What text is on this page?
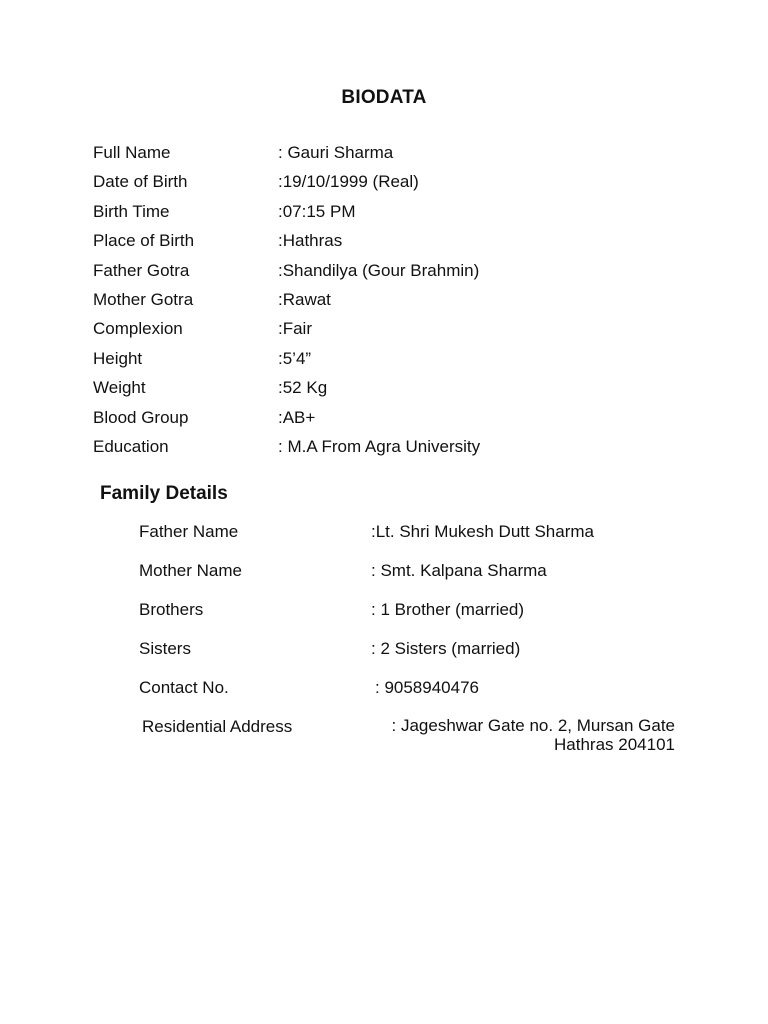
BIODATA
Full Name	: Gauri Sharma
Date of Birth	:19/10/1999 (Real)
Birth Time	:07:15 PM
Place of Birth	:Hathras
Father Gotra	:Shandilya (Gour Brahmin)
Mother Gotra	:Rawat
Complexion	:Fair
Height	:5’4”
Weight	:52 Kg
Blood Group	:AB+
Education	: M.A From Agra University
Family Details
Father Name	:Lt. Shri Mukesh Dutt Sharma
Mother Name	: Smt. Kalpana Sharma
Brothers	: 1 Brother (married)
Sisters	: 2 Sisters (married)
Contact No.	: 9058940476
Residential Address	: Jageshwar Gate no. 2, Mursan Gate
Hathras 204101
